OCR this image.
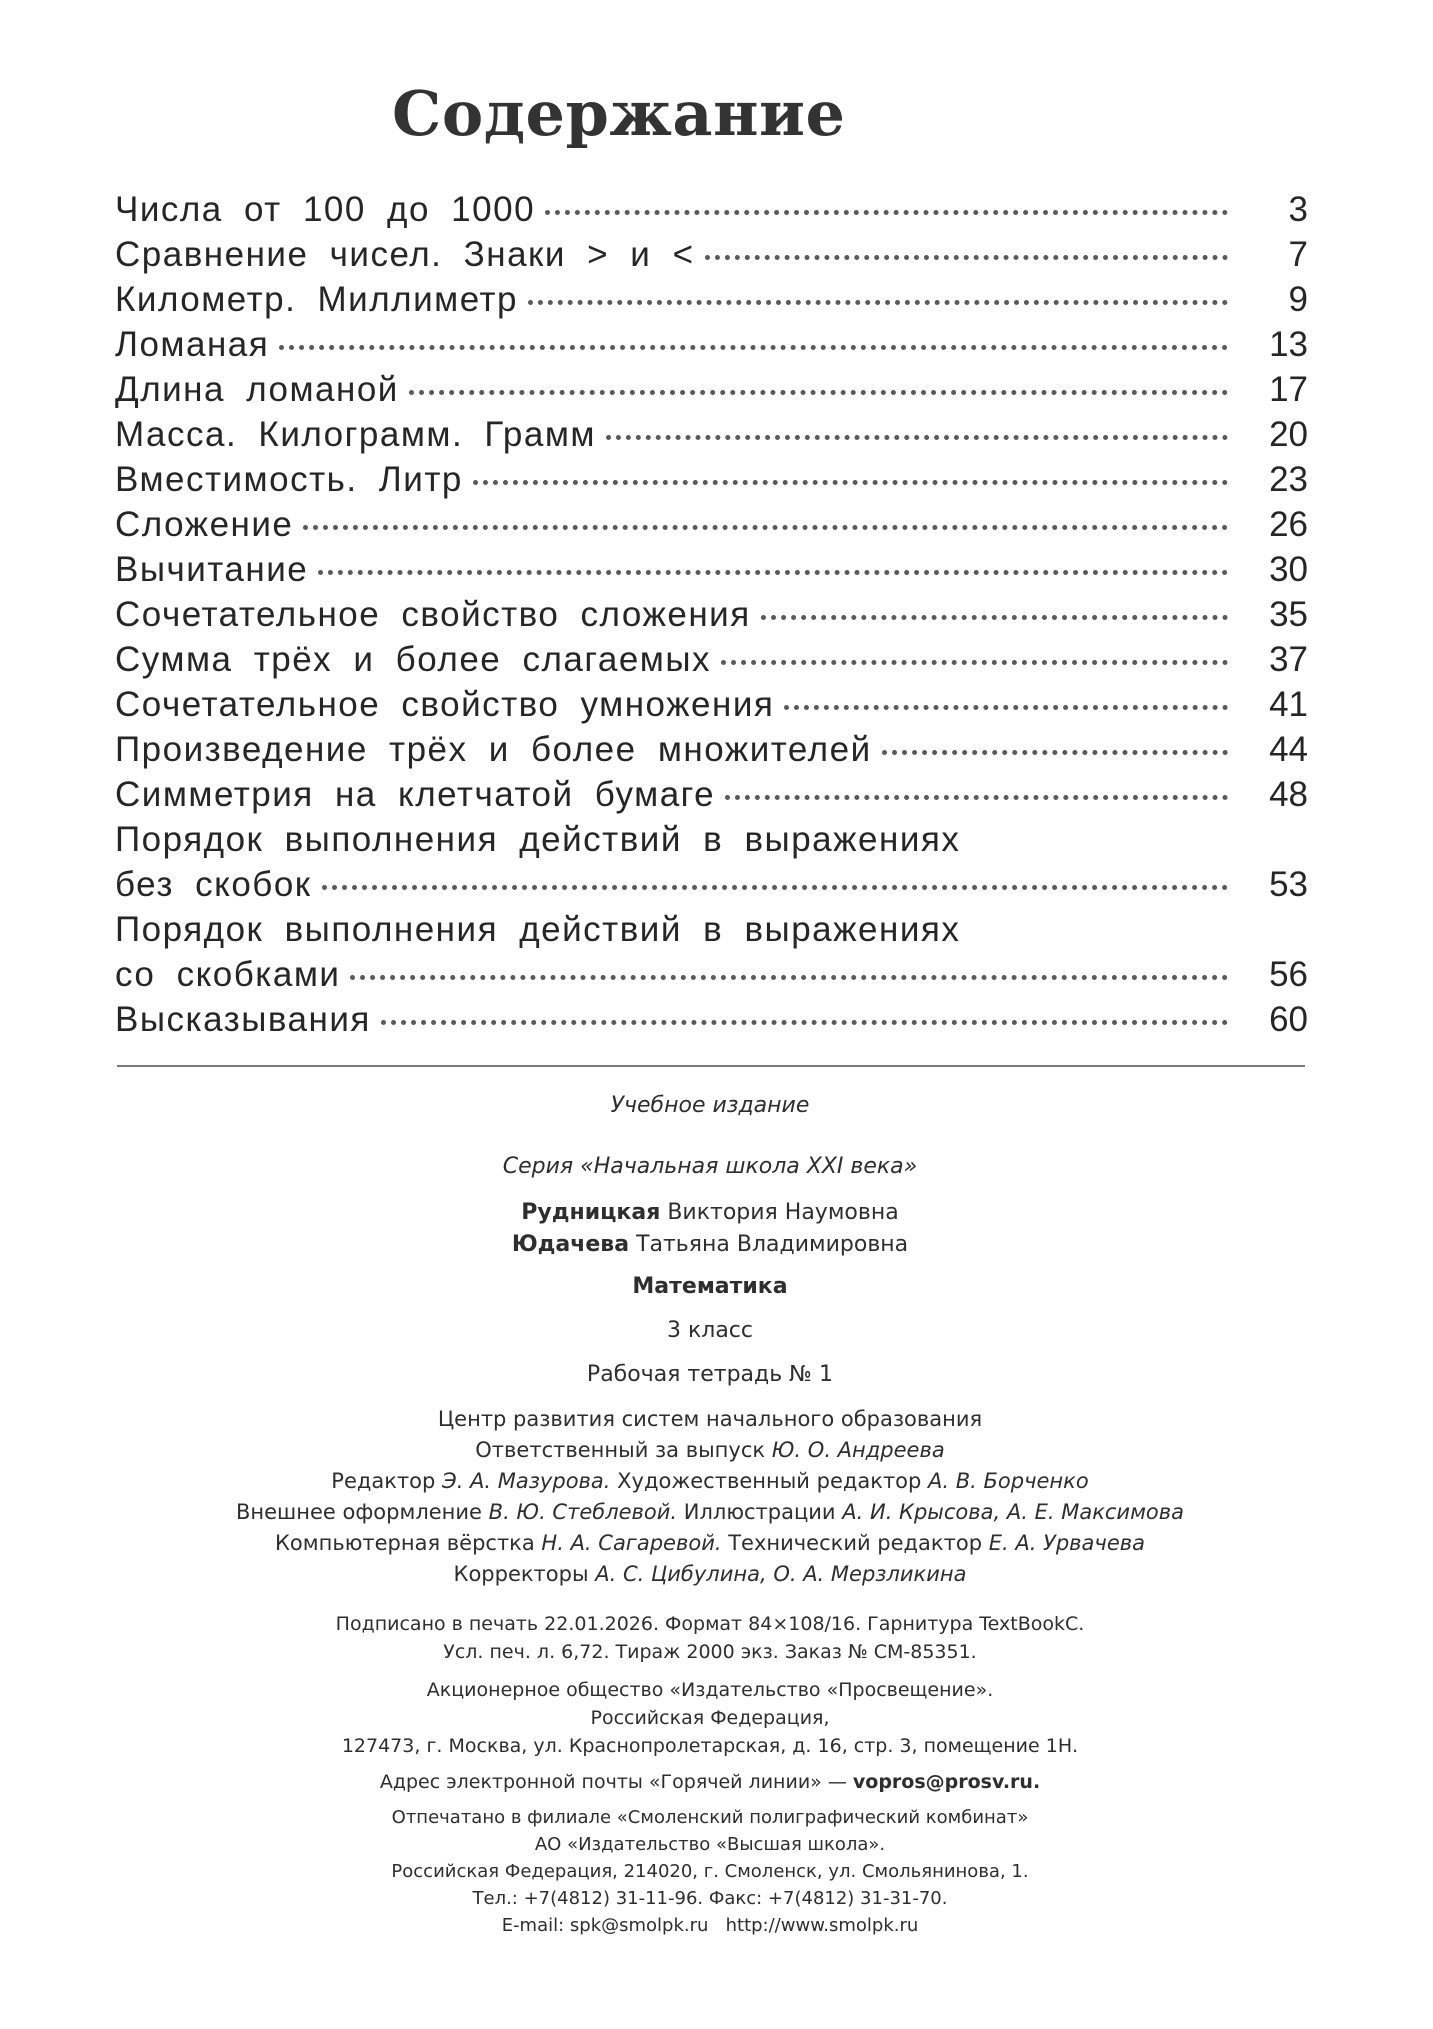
Содержание
Числа от 100 до 1000	3
Сравнение чисел. Знаки > и <	7
Километр. Миллиметр	9
Ломаная	13
Длина ломаной	17
Масса. Килограмм. Грамм	20
Вместимость. Литр	23
Сложение	26
Вычитание	30
Сочетательное свойство сложения	35
Сумма трёх и более слагаемых	37
Сочетательное свойство умножения	41
Произведение трёх и более множителей	44
Симметрия на клетчатой бумаге	48
Порядок выполнения действий в выражениях
без скобок	53
Порядок выполнения действий в выражениях
со скобками	56
Высказывания	60
Учебное издание
Серия «Начальная школа XXI века»
Рудницкая Виктория Наумовна
Юдачева Татьяна Владимировна
Математика
3 класс
Рабочая тетрадь № 1
Центр развития систем начального образования
Ответственный за выпуск Ю. О. Андреева
Редактор Э. А. Мазурова. Художественный редактор А. В. Борченко
Внешнее оформление В. Ю. Стеблевой. Иллюстрации А. И. Крысова, А. Е. Максимова
Компьютерная вёрстка Н. А. Сагаревой. Технический редактор Е. А. Урвачева
Корректоры А. С. Цибулина, О. А. Мерзликина
Подписано в печать 22.01.2026. Формат 84×108/16. Гарнитура TextBookC.
Усл. печ. л. 6,72. Тираж 2000 экз. Заказ № СМ-85351.
Акционерное общество «Издательство «Просвещение».
Российская Федерация,
127473, г. Москва, ул. Краснопролетарская, д. 16, стр. 3, помещение 1Н.
Адрес электронной почты «Горячей линии» — vopros@prosv.ru.
Отпечатано в филиале «Смоленский полиграфический комбинат»
АО «Издательство «Высшая школа».
Российская Федерация, 214020, г. Смоленск, ул. Смольянинова, 1.
Тел.: +7(4812) 31-11-96. Факс: +7(4812) 31-31-70.
E-mail: spk@smolpk.ru   http://www.smolpk.ru
